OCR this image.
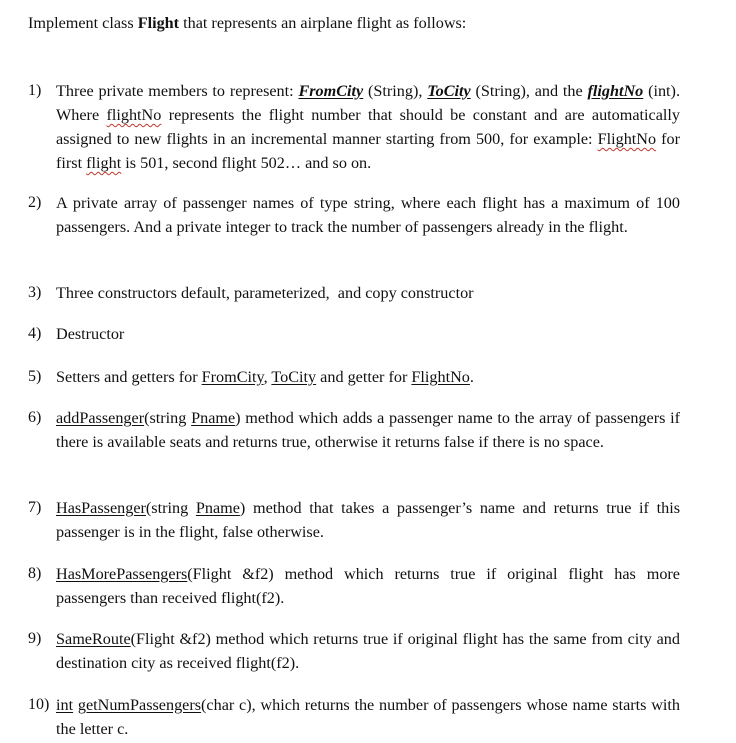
Implement class Flight that represents an airplane flight as follows:
1) Three private members to represent: FromCity (String), ToCity (String), and the flightNo (int). Where flightNo represents the flight number that should be constant and are automatically assigned to new flights in an incremental manner starting from 500, for example: FlightNo for first flight is 501, second flight 502… and so on.
2) A private array of passenger names of type string, where each flight has a maximum of 100 passengers. And a private integer to track the number of passengers already in the flight.
3) Three constructors default, parameterized,  and copy constructor
4) Destructor
5) Setters and getters for FromCity, ToCity and getter for FlightNo.
6) addPassenger(string Pname) method which adds a passenger name to the array of passengers if there is available seats and returns true, otherwise it returns false if there is no space.
7) HasPassenger(string Pname) method that takes a passenger’s name and returns true if this passenger is in the flight, false otherwise.
8) HasMorePassengers(Flight &f2) method which returns true if original flight has more passengers than received flight(f2).
9) SameRoute(Flight &f2) method which returns true if original flight has the same from city and destination city as received flight(f2).
10) int getNumPassengers(char c), which returns the number of passengers whose name starts with the letter c.
